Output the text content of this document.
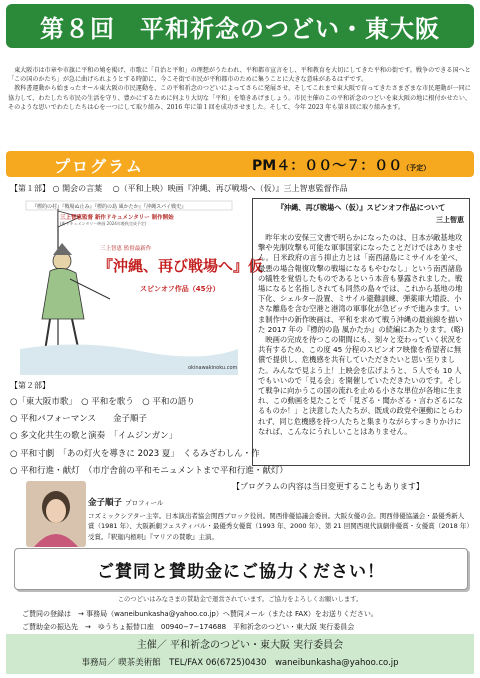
第８回　平和祈念のつどい・東大阪

東大阪市は市章や市旗に平和の鳩を掲げ、市歌に「自治と平和」の理想がうたわれ、平和都市宣言をし、平和教育を大切にしてきた平和の街です。戦争のできる国へと「この国のかたち」が急に曲げられようとする時節に、今こそ街で市民が平和都市のために集うことに大きな意味があるはずです。

教科書運動から始まったオール東大阪の市民運動を、この平和祈念のつどいによってさらに発展させ、そしてこれまで東大阪で育ってきたさまざまな市民運動が一同に協力して、わたしたち市民の生活を守り、豊かにするために何より大切な「平和」を築きあげましょう。市民主催のこの平和祈念のつどいを東大阪の地に根付かせたい、そのような思いでわたしたちは心を一つにして取り組み、2016 年に第１回を成功させました。そして、今年 2023 年も第８回に取り組みます。

プログラム	PM４：００～７：００（予定）
【第１部】 ○ 開会の言葉 　 ○（平和上映）映画『沖縄、再び戦場へ（仮）』三上智恵監督作品
『標的の村』『戦場ぬ止み』『標的の島 風かたか』『沖縄スパイ戦史』
三上智恵監督 新作ドキュメンタリー 制作開始
(新ドキュメンタリー映画 2024年晩秋完成予定)
三上智恵 監督最新作
『沖縄、再び戦場へ』仮
スピンオフ作品（45分）
okinawakinoku.com
『沖縄、再び戦場へ（仮）』スピンオフ作品について
三上智恵

昨年末の安保三文書で明らかになったのは、日本が敵基地攻撃や先制攻撃も可能な軍事国家になったことだけではありません。日米政府の言う抑止力とは「南西諸島にミサイルを並べ、最悪の場合報復攻撃の戦場になるもやむなし」という南西諸島の犠牲を覚悟したものであるという本音も暴露されました。戦場になると名指しされても同然の島々では、これから基地の地下化、シェルター設置、ミサイル避難訓練、弾薬庫大増設、小さな離島を含む空港と港湾の軍事化が急ピッチで進みます。いま制作中の新作映画は、平和を求めて戦う沖縄の最前線を描いた 2017 年の『標的の島 風かたか』の続編にあたります。(略)

映画の完成を待つこの期間にも、刻々と変わっていく状況を共有するため、この度 45 分程のスピンオフ映像を希望者に無償で提供し、危機感を共有していただきたいと思い至りました。みんなで見よう上！上映会を広げようと、５人でも 10 人でもいいので「見る会」を開催していただきたいのです。そして戦争に向かうこの国の流れを止める小さな単位が各地に生まれ、この動画を見たことで「見ざる・聞かざる・言わざるになるものか！」と決意した人たちが、既成の政党や運動にとらわれず、同じ危機感を持つ人たちと集まりながらすっきりかけになれば、こんなにうれしいことはありません。

【第２部】
○「東大阪市歌」　○ 平和を歌う　○ 平和の語り
○ 平和パフォーマンス　　金子順子
○ 多文化共生の歌と演奏　「イムジンガン」
○ 平和寸劇　「あの灯火を導きに 2023 夏」　くるみざわしん・作
○ 平和行進・献灯　（市庁舎前の平和モニュメントまで平和行進・献灯）
【プログラムの内容は当日変更することもあります】
金子順子 プロフィール
コズミックシアター主宰。日本演出者協会関西ブロック役員。関西俳優協議会委員。大阪女優の会。関西俳優協議会・最優秀新人賞（1981 年）、大阪新劇フェスティバル・最優秀女優賞（1993 年、2000 年）、第 21 回関西現代演劇俳優賞・女優賞（2018 年）受賞。『釈迦内柩唄』『マリアの賛歌』主演。
ご賛同と賛助金にご協力ください！
このつどいはみなさまの賛助金で運営されています。ご協力をよろしくお願いします。
ご賛同の登録は　→ 事務局（waneibunkasha@yahoo.co.jp）へ賛同メール（または FAX）をお送りください。
ご賛助金の振込先　→　ゆうちょ振替口座　00940−7−174688　平和祈念のつどい・東大阪 実行委員会
主催／ 平和祈念のつどい・東大阪 実行委員会
事務局／ 喫茶美術館　TEL/FAX 06(6725)0430　waneibunkasha@yahoo.co.jp
